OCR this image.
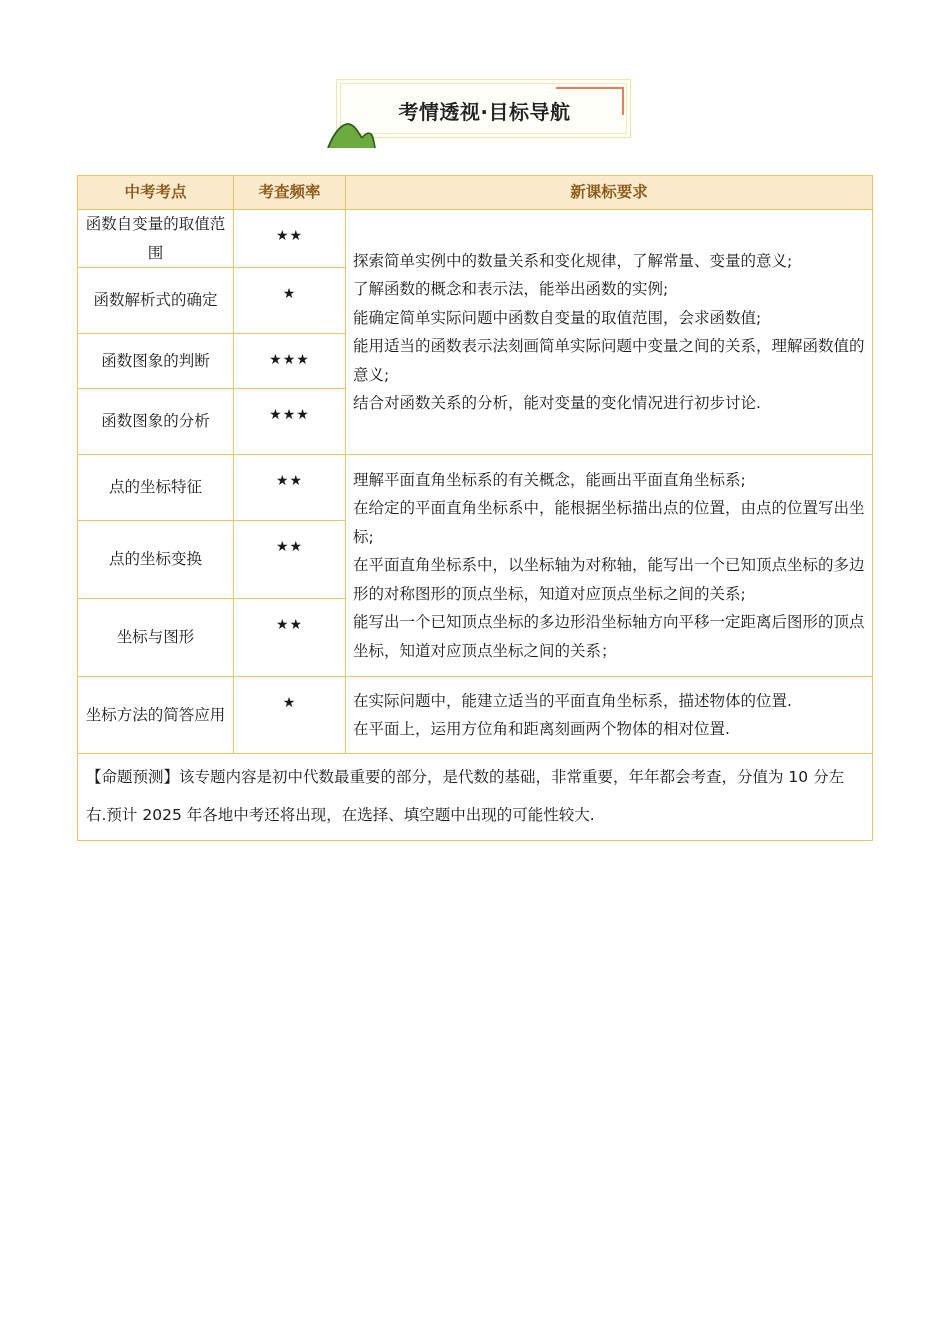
考情透视·目标导航
中考考点	考查频率	新课标要求
函数自变量的取值范围	★★	探索简单实例中的数量关系和变化规律，了解常量、变量的意义;
了解函数的概念和表示法，能举出函数的实例;
能确定简单实际问题中函数自变量的取值范围，会求函数值;
能用适当的函数表示法刻画简单实际问题中变量之间的关系，理解函数值的意义;
结合对函数关系的分析，能对变量的变化情况进行初步讨论.

函数解析式的确定	★	
函数图象的判断	★★★	
函数图象的分析	★★★	
点的坐标特征	★★	理解平面直角坐标系的有关概念，能画出平面直角坐标系;
在给定的平面直角坐标系中，能根据坐标描出点的位置，由点的位置写出坐标;
在平面直角坐标系中，以坐标轴为对称轴，能写出一个已知顶点坐标的多边形的对称图形的顶点坐标，知道对应顶点坐标之间的关系;
能写出一个已知顶点坐标的多边形沿坐标轴方向平移一定距离后图形的顶点坐标，知道对应顶点坐标之间的关系；

点的坐标变换	★★	
坐标与图形	★★	
坐标方法的简答应用	★	在实际问题中，能建立适当的平面直角坐标系，描述物体的位置.
在平面上，运用方位角和距离刻画两个物体的相对位置.

【命题预测】该专题内容是初中代数最重要的部分，是代数的基础，非常重要，年年都会考查，分值为 10 分左右.预计 2025 年各地中考还将出现，在选择、填空题中出现的可能性较大.		
